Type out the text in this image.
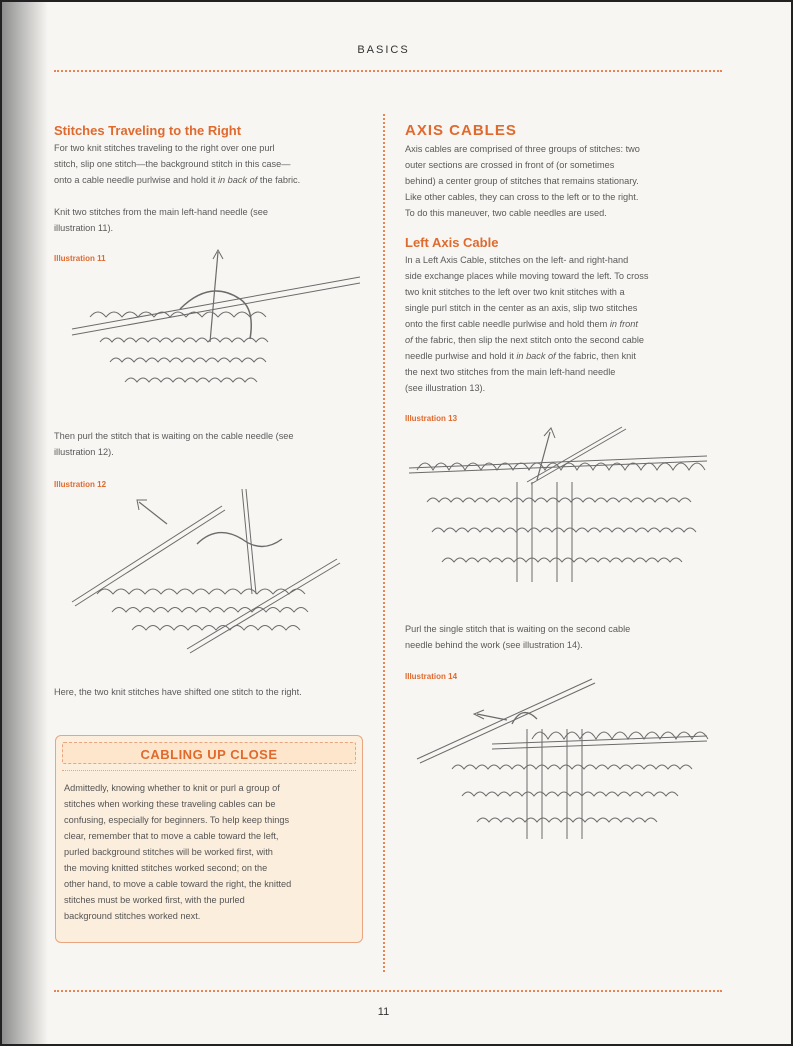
BASICS
11
Stitches Traveling to the Right
For two knit stitches traveling to the right over one purl
stitch, slip one stitch—the background stitch in this case—
onto a cable needle purlwise and hold it in back of the fabric.
Knit two stitches from the main left-hand needle (see
illustration 11).
Illustration 11
Then purl the stitch that is waiting on the cable needle (see
illustration 12).
Illustration 12
Here, the two knit stitches have shifted one stitch to the right.
CABLING UP CLOSE
Admittedly, knowing whether to knit or purl a group of
stitches when working these traveling cables can be
confusing, especially for beginners. To help keep things
clear, remember that to move a cable toward the left,
purled background stitches will be worked first, with
the moving knitted stitches worked second; on the
other hand, to move a cable toward the right, the knitted
stitches must be worked first, with the purled
background stitches worked next.
AXIS CABLES
Axis cables are comprised of three groups of stitches: two
outer sections are crossed in front of (or sometimes
behind) a center group of stitches that remains stationary.
Like other cables, they can cross to the left or to the right.
To do this maneuver, two cable needles are used.
Left Axis Cable
In a Left Axis Cable, stitches on the left- and right-hand
side exchange places while moving toward the left. To cross
two knit stitches to the left over two knit stitches with a
single purl stitch in the center as an axis, slip two stitches
onto the first cable needle purlwise and hold them in front
of the fabric, then slip the next stitch onto the second cable
needle purlwise and hold it in back of the fabric, then knit
the next two stitches from the main left-hand needle
(see illustration 13).
Illustration 13
Purl the single stitch that is waiting on the second cable
needle behind the work (see illustration 14).
Illustration 14
